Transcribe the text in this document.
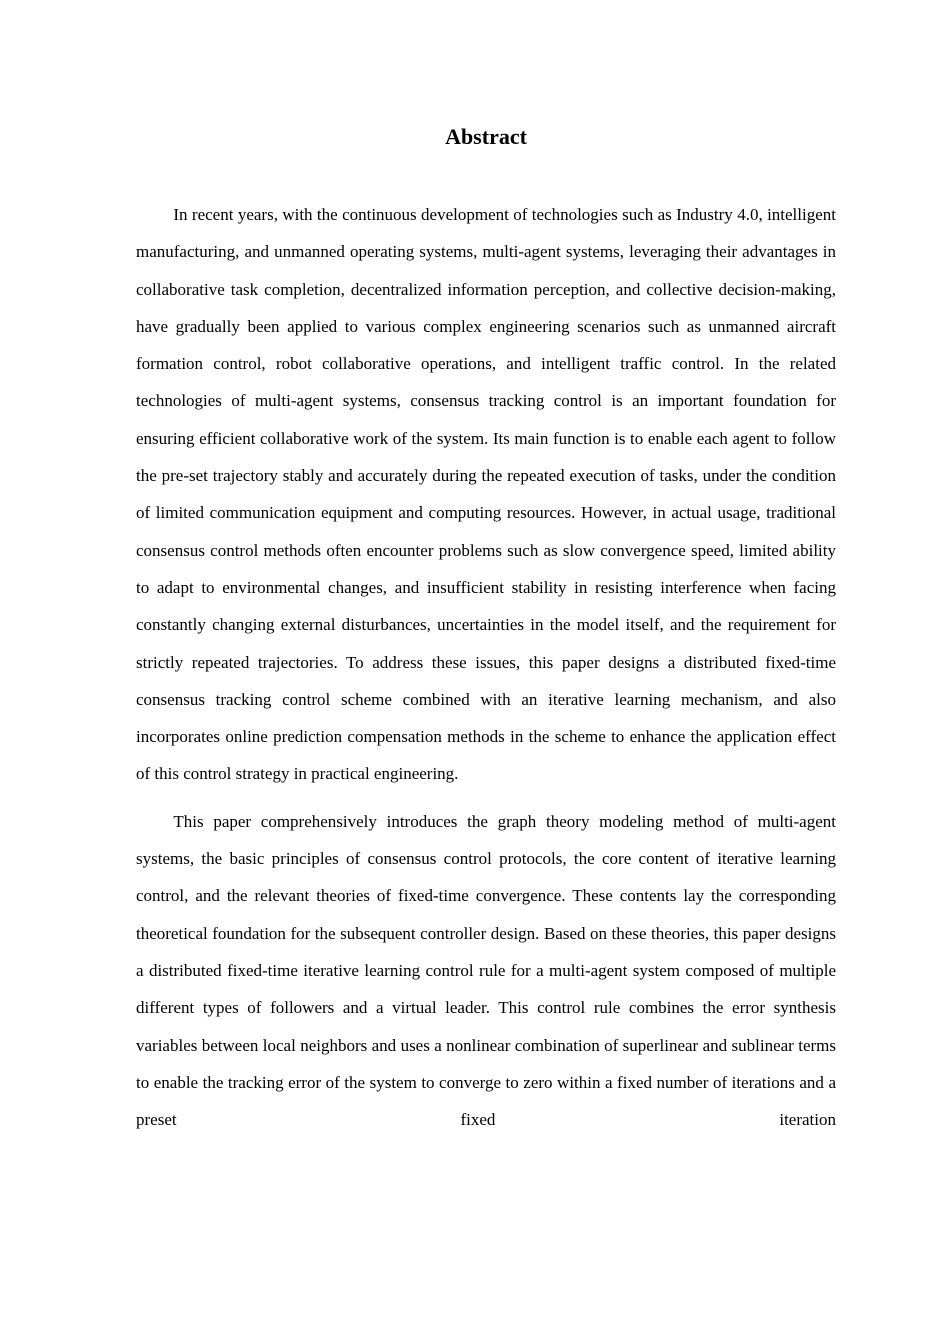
Abstract

In recent years, with the continuous development of technologies such as Industry 4.0, intelligent manufacturing, and unmanned operating systems, multi-agent systems, leveraging their advantages in collaborative task completion, decentralized information perception, and collective decision-making, have gradually been applied to various complex engineering scenarios such as unmanned aircraft formation control, robot collaborative operations, and intelligent traffic control. In the related technologies of multi-agent systems, consensus tracking control is an important foundation for ensuring efficient collaborative work of the system. Its main function is to enable each agent to follow the pre-set trajectory stably and accurately during the repeated execution of tasks, under the condition of limited communication equipment and computing resources. However, in actual usage, traditional consensus control methods often encounter problems such as slow convergence speed, limited ability to adapt to environmental changes, and insufficient stability in resisting interference when facing constantly changing external disturbances, uncertainties in the model itself, and the requirement for strictly repeated trajectories. To address these issues, this paper designs a distributed fixed-time consensus tracking control scheme combined with an iterative learning mechanism, and also incorporates online prediction compensation methods in the scheme to enhance the application effect of this control strategy in practical engineering.

This paper comprehensively introduces the graph theory modeling method of multi-agent systems, the basic principles of consensus control protocols, the core content of iterative learning control, and the relevant theories of fixed-time convergence. These contents lay the corresponding theoretical foundation for the subsequent controller design. Based on these theories, this paper designs a distributed fixed-time iterative learning control rule for a multi-agent system composed of multiple different types of followers and a virtual leader. This control rule combines the error synthesis variables between local neighbors and uses a nonlinear combination of superlinear and sublinear terms to enable the tracking error of the system to converge to zero within a fixed number of iterations and a preset fixed iteration
